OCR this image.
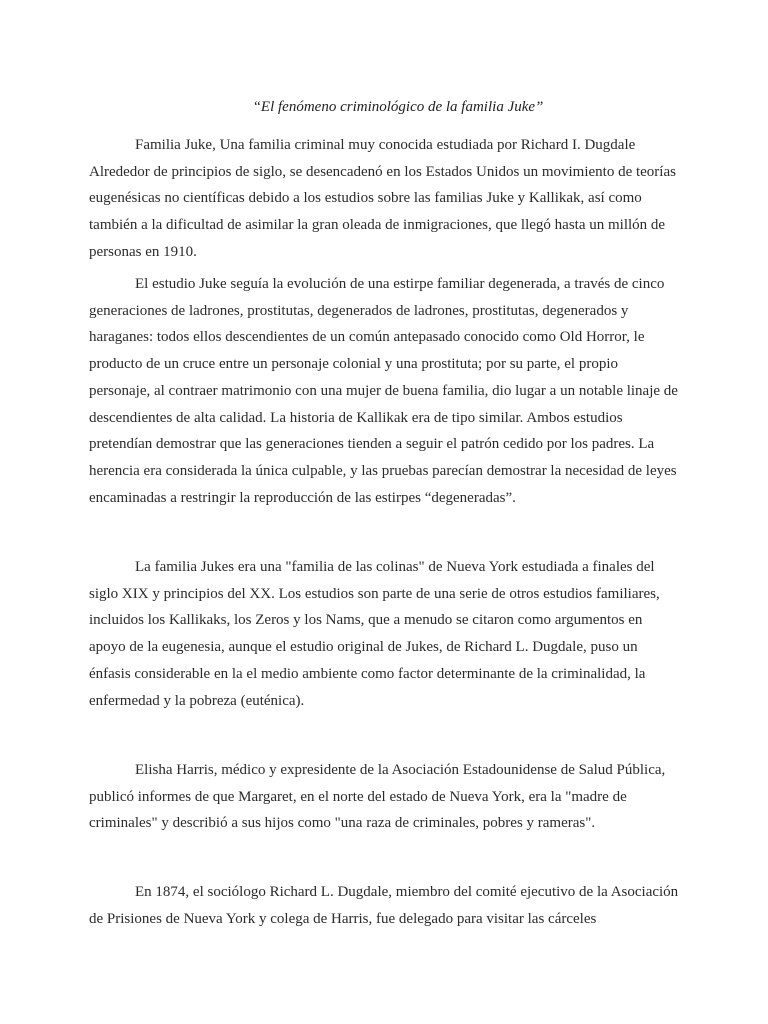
“El fenómeno criminológico de la familia Juke”

Familia Juke, Una familia criminal muy conocida estudiada por Richard I. Dugdale Alrededor de principios de siglo, se desencadenó en los Estados Unidos un movimiento de teorías eugenésicas no científicas debido a los estudios sobre las familias Juke y Kallikak, así como también a la dificultad de asimilar la gran oleada de inmigraciones, que llegó hasta un millón de personas en 1910.

El estudio Juke seguía la evolución de una estirpe familiar degenerada, a través de cinco generaciones de ladrones, prostitutas, degenerados de ladrones, prostitutas, degenerados y haraganes: todos ellos descendientes de un común antepasado conocido como Old Horror, le producto de un cruce entre un personaje colonial y una prostituta; por su parte, el propio personaje, al contraer matrimonio con una mujer de buena familia, dio lugar a un notable linaje de descendientes de alta calidad. La historia de Kallikak era de tipo similar. Ambos estudios pretendían demostrar que las generaciones tienden a seguir el patrón cedido por los padres. La herencia era considerada la única culpable, y las pruebas parecían demostrar la necesidad de leyes encaminadas a restringir la reproducción de las estirpes “degeneradas”.

La familia Jukes era una "familia de las colinas" de Nueva York estudiada a finales del siglo XIX y principios del XX. Los estudios son parte de una serie de otros estudios familiares, incluidos los Kallikaks, los Zeros y los Nams, que a menudo se citaron como argumentos en apoyo de la eugenesia, aunque el estudio original de Jukes, de Richard L. Dugdale, puso un énfasis considerable en la el medio ambiente como factor determinante de la criminalidad, la enfermedad y la pobreza (euténica).

Elisha Harris, médico y expresidente de la Asociación Estadounidense de Salud Pública, publicó informes de que Margaret, en el norte del estado de Nueva York, era la "madre de criminales" y describió a sus hijos como "una raza de criminales, pobres y rameras".

En 1874, el sociólogo Richard L. Dugdale, miembro del comité ejecutivo de la Asociación de Prisiones de Nueva York y colega de Harris, fue delegado para visitar las cárceles
